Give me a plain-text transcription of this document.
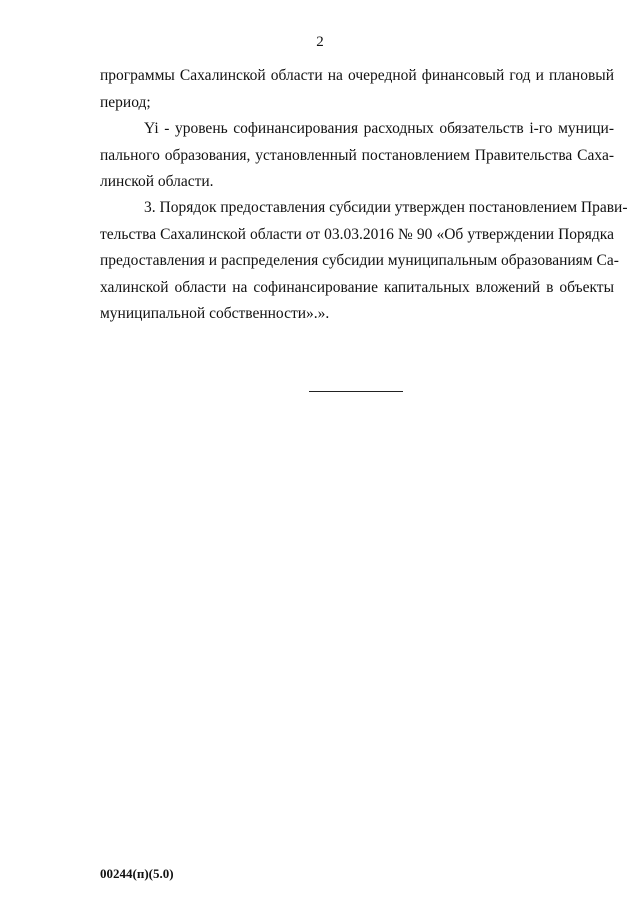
2

программы Сахалинской области на очередной финансовый год и плановый
период;

Yi - уровень софинансирования расходных обязательств i-го муници-
пального образования, установленный постановлением Правительства Саха-
линской области.

3. Порядок предоставления субсидии утвержден постановлением Прави-
тельства Сахалинской области от 03.03.2016 № 90 «Об утверждении Порядка
предоставления и распределения субсидии муниципальным образованиям Са-
халинской области на софинансирование капитальных вложений в объекты
муниципальной собственности».».

00244(п)(5.0)
